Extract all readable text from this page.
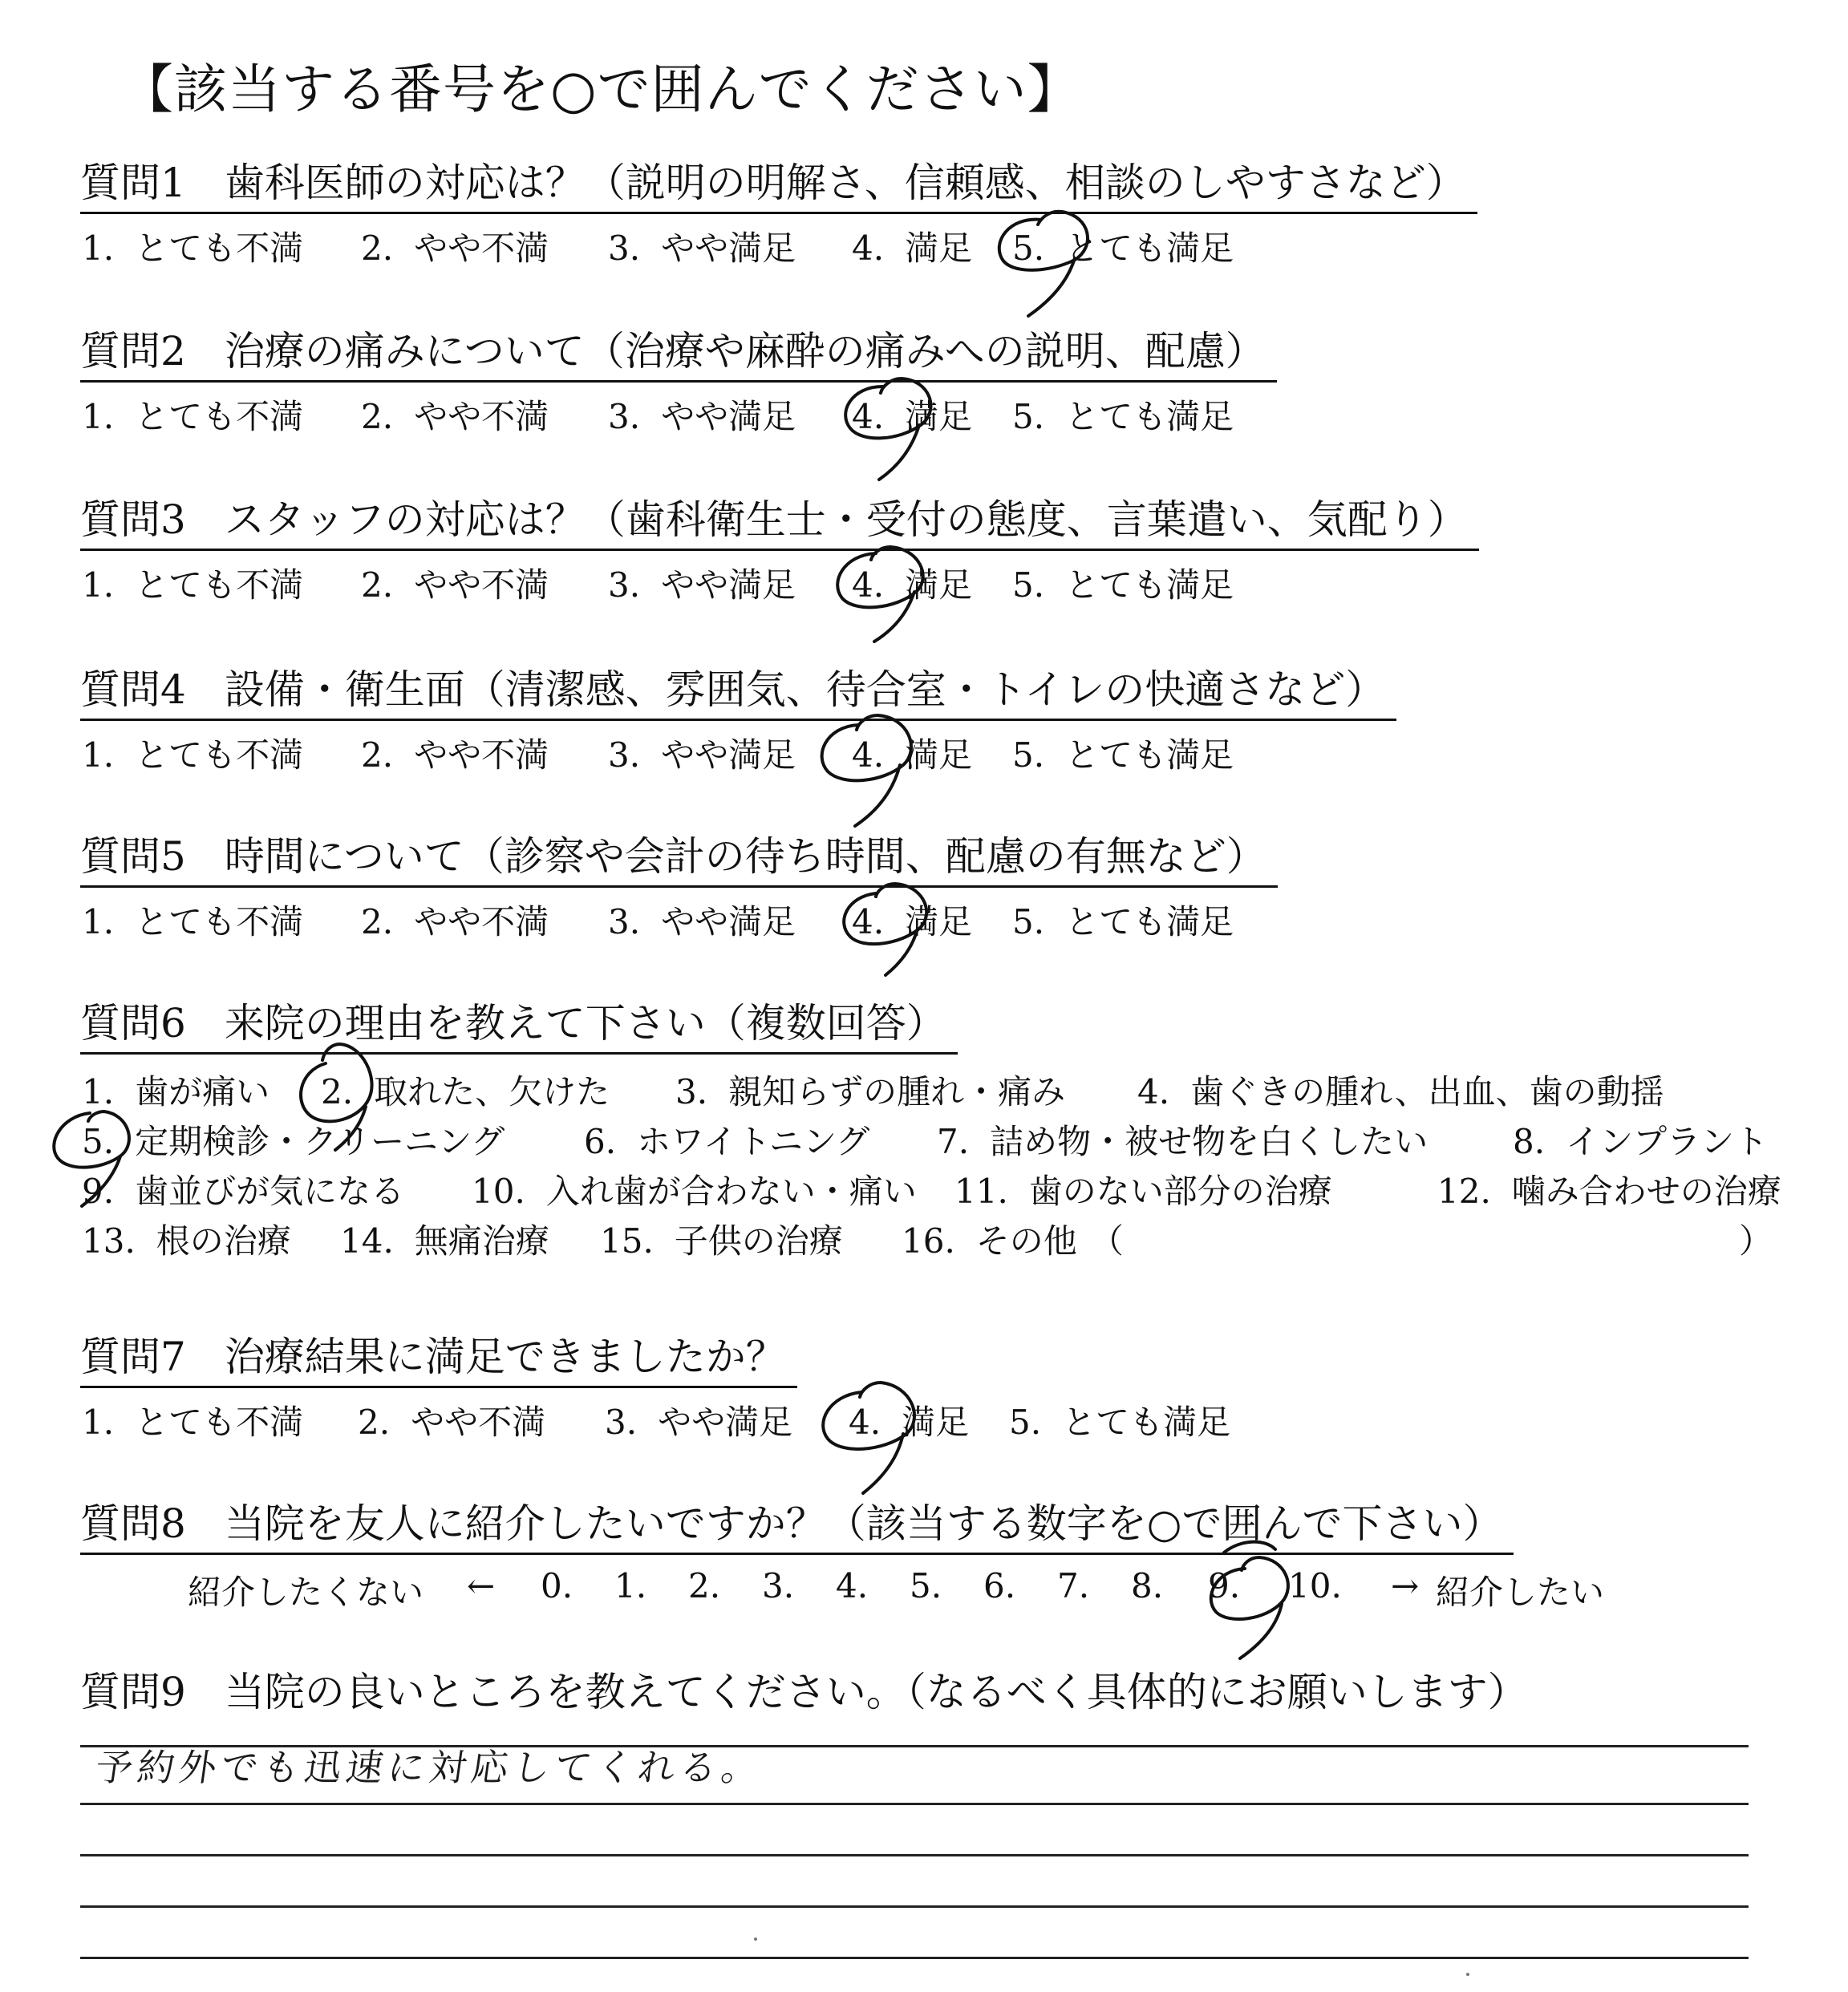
【該当する番号を○で囲んでください】
質問1 歯科医師の対応は？（説明の明解さ、信頼感、相談のしやすさなど）
1. とても不満 2. やや不満 3. やや満足 4. 満足 5. とても満足
質問2 治療の痛みについて（治療や麻酔の痛みへの説明、配慮）
1. とても不満 2. やや不満 3. やや満足 4. 満足 5. とても満足
質問3 スタッフの対応は？（歯科衛生士・受付の態度、言葉遣い、気配り）
1. とても不満 2. やや不満 3. やや満足 4. 満足 5. とても満足
質問4 設備・衛生面（清潔感、雰囲気、待合室・トイレの快適さなど）
1. とても不満 2. やや不満 3. やや満足 4. 満足 5. とても満足
質問5 時間について（診察や会計の待ち時間、配慮の有無など）
1. とても不満 2. やや不満 3. やや満足 4. 満足 5. とても満足
質問6 来院の理由を教えて下さい（複数回答）
1. 歯が痛い 2. 取れた、欠けた 3. 親知らずの腫れ・痛み 4. 歯ぐきの腫れ、出血、歯の動揺
5. 定期検診・クリーニング 6. ホワイトニング 7. 詰め物・被せ物を白くしたい	8. インプラント
9. 歯並びが気になる 10. 入れ歯が合わない・痛い 11. 歯のない部分の治療	12. 噛み合わせの治療
13. 根の治療 14. 無痛治療 15. 子供の治療 16. その他 （	）
質問7 治療結果に満足できましたか？
1. とても不満 2. やや不満 3. やや満足 4. 満足 5. とても満足
質問8 当院を友人に紹介したいですか？（該当する数字を○で囲んで下さい）
紹介したくない ← 0. 1. 2. 3. 4. 5. 6. 7. 8. 9. 10. → 紹介したい
質問9 当院の良いところを教えてください。（なるべく具体的にお願いします）
予約外でも迅速に対応してくれる。
